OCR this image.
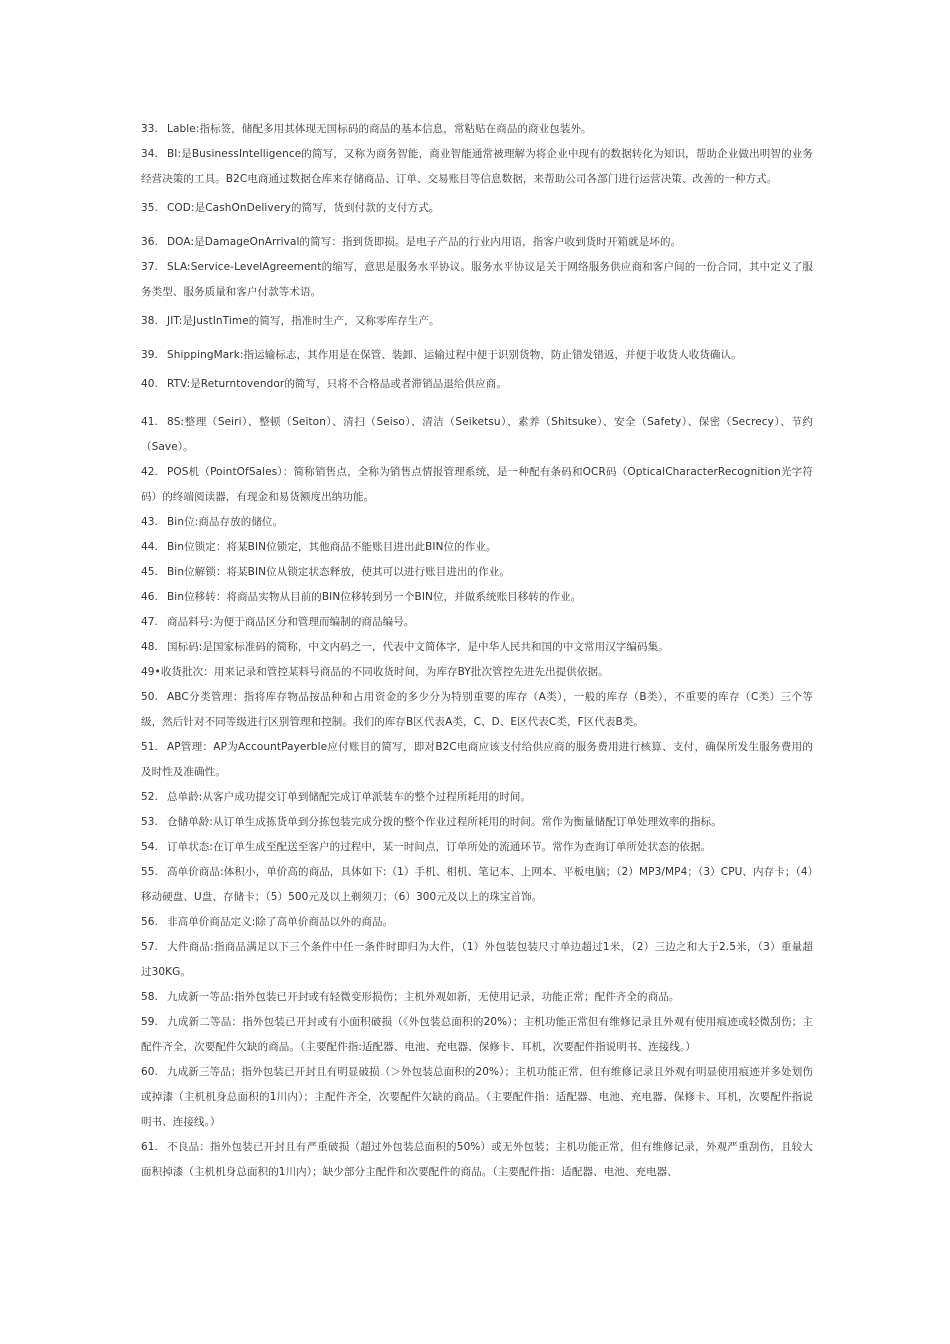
33. Lable:指标签，储配多用其体现无国标码的商品的基本信息，常粘贴在商品的商业包装外。

34. BI:是BusinessIntelligence的简写，又称为商务智能，商业智能通常被理解为将企业中现有的数据转化为知识，帮助企业做出明智的业务经营决策的工具。B2C电商通过数据仓库来存储商品、订单、交易账目等信息数据，来帮助公司各部门进行运营决策、改善的一种方式。

35. COD:是CashOnDelivery的简写，货到付款的支付方式。

36. DOA:是DamageOnArrival的简写：指到货即损。是电子产品的行业内用语，指客户收到货时开箱就是坏的。

37. SLA:Service-LevelAgreement的缩写，意思是服务水平协议。服务水平协议是关于网络服务供应商和客户间的一份合同，其中定义了服务类型、服务质量和客户付款等术语。

38. JIT:是JustInTime的简写，指准时生产，又称零库存生产。

39. ShippingMark:指运输标志，其作用是在保管、装卸、运输过程中便于识别货物，防止错发错返，并便于收货人收货确认。

40. RTV:是Returntovendor的简写，只将不合格品或者滞销品退给供应商。

41. 8S:整理（Seiri）、整顿（Seiton）、清扫（Seiso）、清洁（Seiketsu）、素养（Shitsuke）、安全（Safety）、保密（Secrecy）、节约（Save）。

42. POS机（PointOfSales）：简称销售点，全称为销售点情报管理系统，是一种配有条码和OCR码（OpticalCharacterRecognition光字符码）的终端阅读器，有现金和易货额度出纳功能。

43. Bin位:商品存放的储位。

44. Bin位锁定：将某BIN位锁定，其他商品不能账目进出此BIN位的作业。

45. Bin位解锁：将某BIN位从锁定状态释放，使其可以进行账目进出的作业。

46. Bin位移转：将商品实物从目前的BIN位移转到另一个BIN位，并做系统账目移转的作业。

47. 商品料号:为便于商品区分和管理而编制的商品编号。

48. 国标码:是国家标准码的简称，中文内码之一，代表中文简体字，是中华人民共和国的中文常用汉字编码集。

49•收货批次：用来记录和管控某料号商品的不同收货时间，为库存BY批次管控先进先出提供依据。

50. ABC分类管理：指将库存物品按品种和占用资金的多少分为特别重要的库存（A类），一般的库存（B类），不重要的库存（C类）三个等级，然后针对不同等级进行区别管理和控制。我们的库存B区代表A类，C、D、E区代表C类，F区代表B类。

51. AP管理：AP为AccountPayerble应付账目的简写，即对B2C电商应该支付给供应商的服务费用进行核算、支付，确保所发生服务费用的及时性及准确性。

52. 总单龄:从客户成功提交订单到储配完成订单派装车的整个过程所耗用的时间。

53. 仓储单龄:从订单生成拣货单到分拣包装完成分拨的整个作业过程所耗用的时间。常作为衡量储配订单处理效率的指标。

54. 订单状态:在订单生成至配送至客户的过程中，某一时间点，订单所处的流通环节。常作为查询订单所处状态的依据。

55. 高单价商品:体积小，单价高的商品，具体如下:（1）手机、相机、笔记本、上网本、平板电脑；（2）MP3/MP4；（3）CPU、内存卡；（4）移动硬盘、U盘、存储卡；（5）500元及以上剃须刀；（6）300元及以上的珠宝首饰。

56. 非高单价商品定义:除了高单价商品以外的商品。

57. 大件商品:指商品满足以下三个条件中任一条件时即归为大件，（1）外包装包装尺寸单边超过1米，（2）三边之和大于2.5米，（3）重量超过30KG。

58. 九成新一等品:指外包装已开封或有轻微变形损伤；主机外观如新，无使用记录，功能正常；配件齐全的商品。

59. 九成新二等品：指外包装已开封或有小面积破损（《外包装总面积的20%）；主机功能正常但有维修记录且外观有使用痕迹或轻微刮伤；主配件齐全，次要配件欠缺的商品。（主要配件指:适配器、电池、充电器、保修卡、耳机，次要配件指说明书、连接线。）

60. 九成新三等品；指外包装已开封且有明显破损（＞外包装总面积的20%）；主机功能正常，但有维修记录且外观有明显使用痕迹并多处划伤或掉漆（主机机身总面积的1川内）；主配件齐全，次要配件欠缺的商品。（主要配件指：适配器、电池、充电器、保修卡、耳机，次要配件指说明书、连接线。）

61. 不良品：指外包装已开封且有严重破损（超过外包装总面积的50%）或无外包装；主机功能正常，但有维修记录，外观严重刮伤，且较大面积掉漆（主机机身总面积的1川内）；缺少部分主配件和次要配件的商品。（主要配件指：适配器、电池、充电器、
